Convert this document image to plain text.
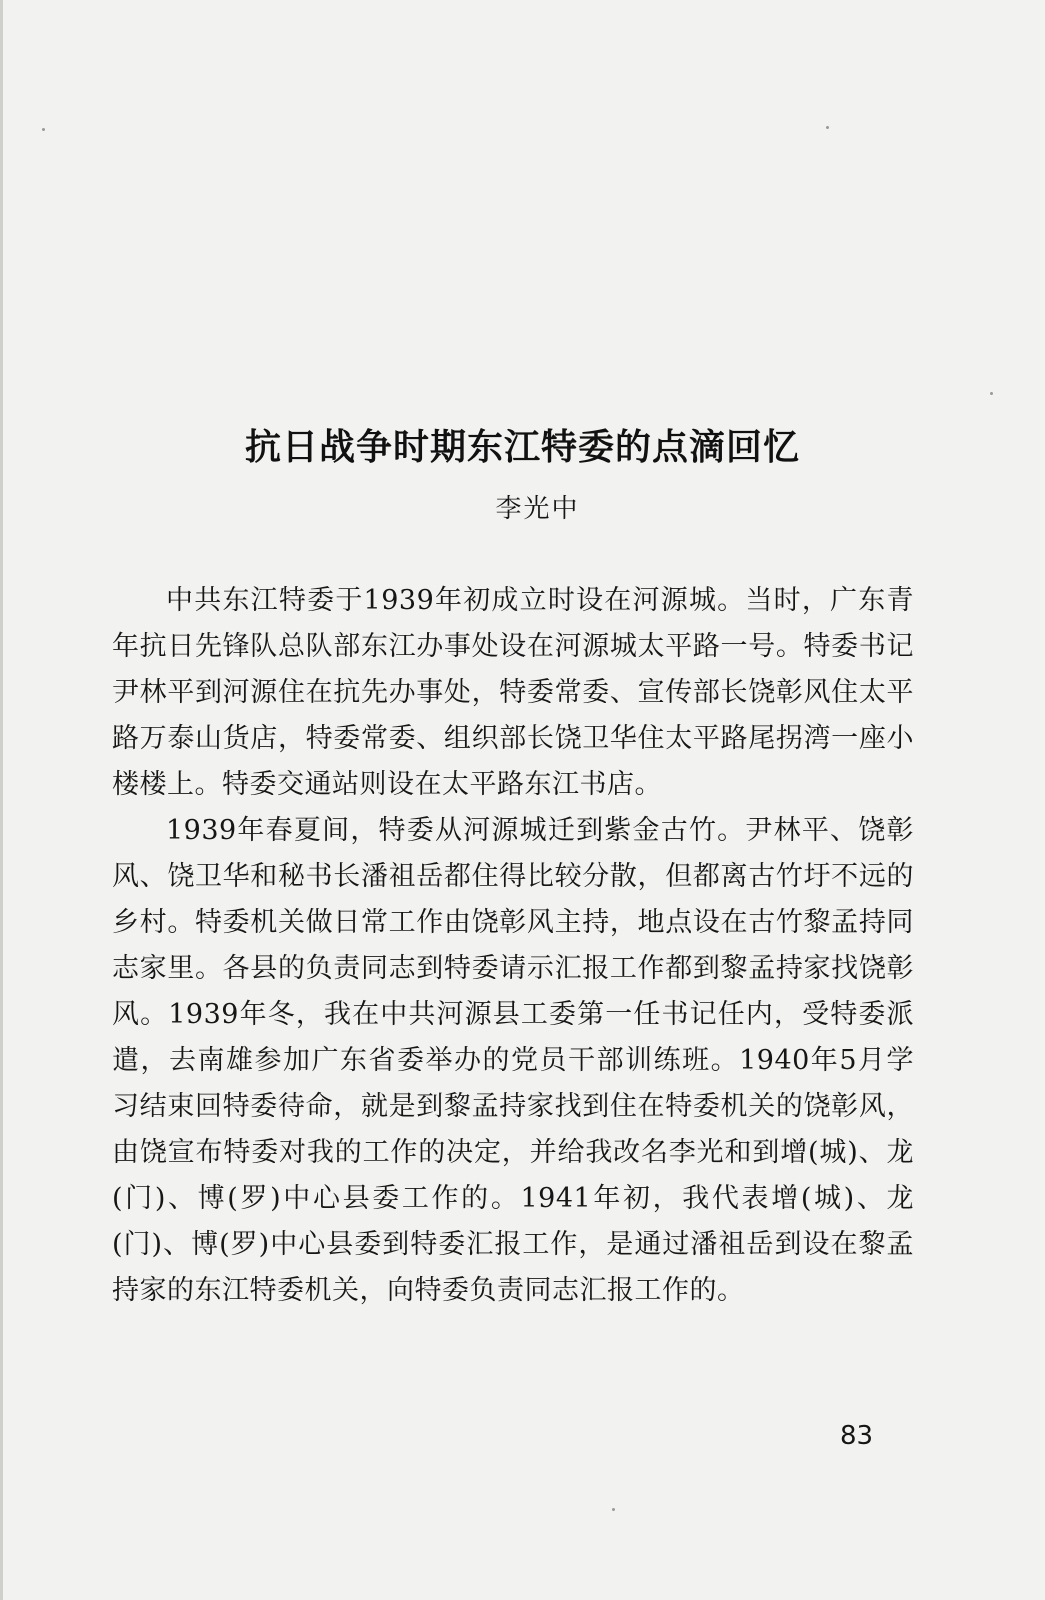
抗日战争时期东江特委的点滴回忆

李光中

中共东江特委于1939年初成立时设在河源城。当时，广东青年抗日先锋队总队部东江办事处设在河源城太平路一号。特委书记尹林平到河源住在抗先办事处，特委常委、宣传部长饶彰风住太平路万泰山货店，特委常委、组织部长饶卫华住太平路尾拐湾一座小楼楼上。特委交通站则设在太平路东江书店。

1939年春夏间，特委从河源城迁到紫金古竹。尹林平、饶彰风、饶卫华和秘书长潘祖岳都住得比较分散，但都离古竹圩不远的乡村。特委机关做日常工作由饶彰风主持，地点设在古竹黎孟持同志家里。各县的负责同志到特委请示汇报工作都到黎孟持家找饶彰风。1939年冬，我在中共河源县工委第一任书记任内，受特委派遣，去南雄参加广东省委举办的党员干部训练班。1940年5月学习结束回特委待命，就是到黎孟持家找到住在特委机关的饶彰风，由饶宣布特委对我的工作的决定，并给我改名李光和到增(城)、龙(门)、博(罗)中心县委工作的。1941年初，我代表增(城)、龙(门)、博(罗)中心县委到特委汇报工作，是通过潘祖岳到设在黎孟持家的东江特委机关，向特委负责同志汇报工作的。

83
